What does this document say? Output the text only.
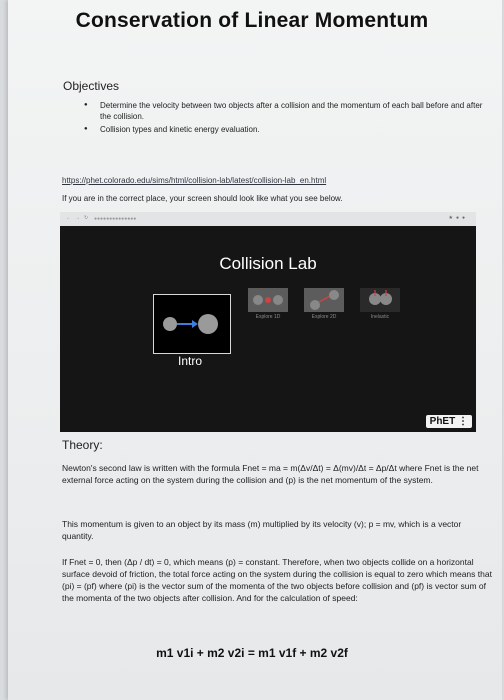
Conservation of Linear Momentum
Objectives
● Determine the velocity between two objects after a collision and the momentum of each ball before and after the collision.
● Collision types and kinetic energy evaluation.
https://phet.colorado.edu/sims/html/collision-lab/latest/collision-lab_en.html
If you are in the correct place, your screen should look like what you see below.
←→↻ ●●●●●●●●●●●●●●	★●●
Collision Lab
Intro
Explore 1D	Explore 2D	Inelastic
PhET ⋮
Theory:
Newton's second law is written with the formula Fnet = ma = m(Δv/Δt) = Δ(mv)/Δt = Δp/Δt where Fnet is the net external force acting on the system during the collision and (p) is the net momentum of the system.
This momentum is given to an object by its mass (m) multiplied by its velocity (v); p = mv, which is a vector quantity.
If Fnet = 0, then (Δp / dt) = 0, which means (p) = constant. Therefore, when two objects collide on a horizontal surface devoid of friction, the total force acting on the system during the collision is equal to zero which means that (pi) = (pf) where (pi) is the vector sum of the momenta of the two objects before collision and (pf) is vector sum of the momenta of the two objects after collision. And for the calculation of speed:
m1 v1i + m2 v2i = m1 v1f + m2 v2f
